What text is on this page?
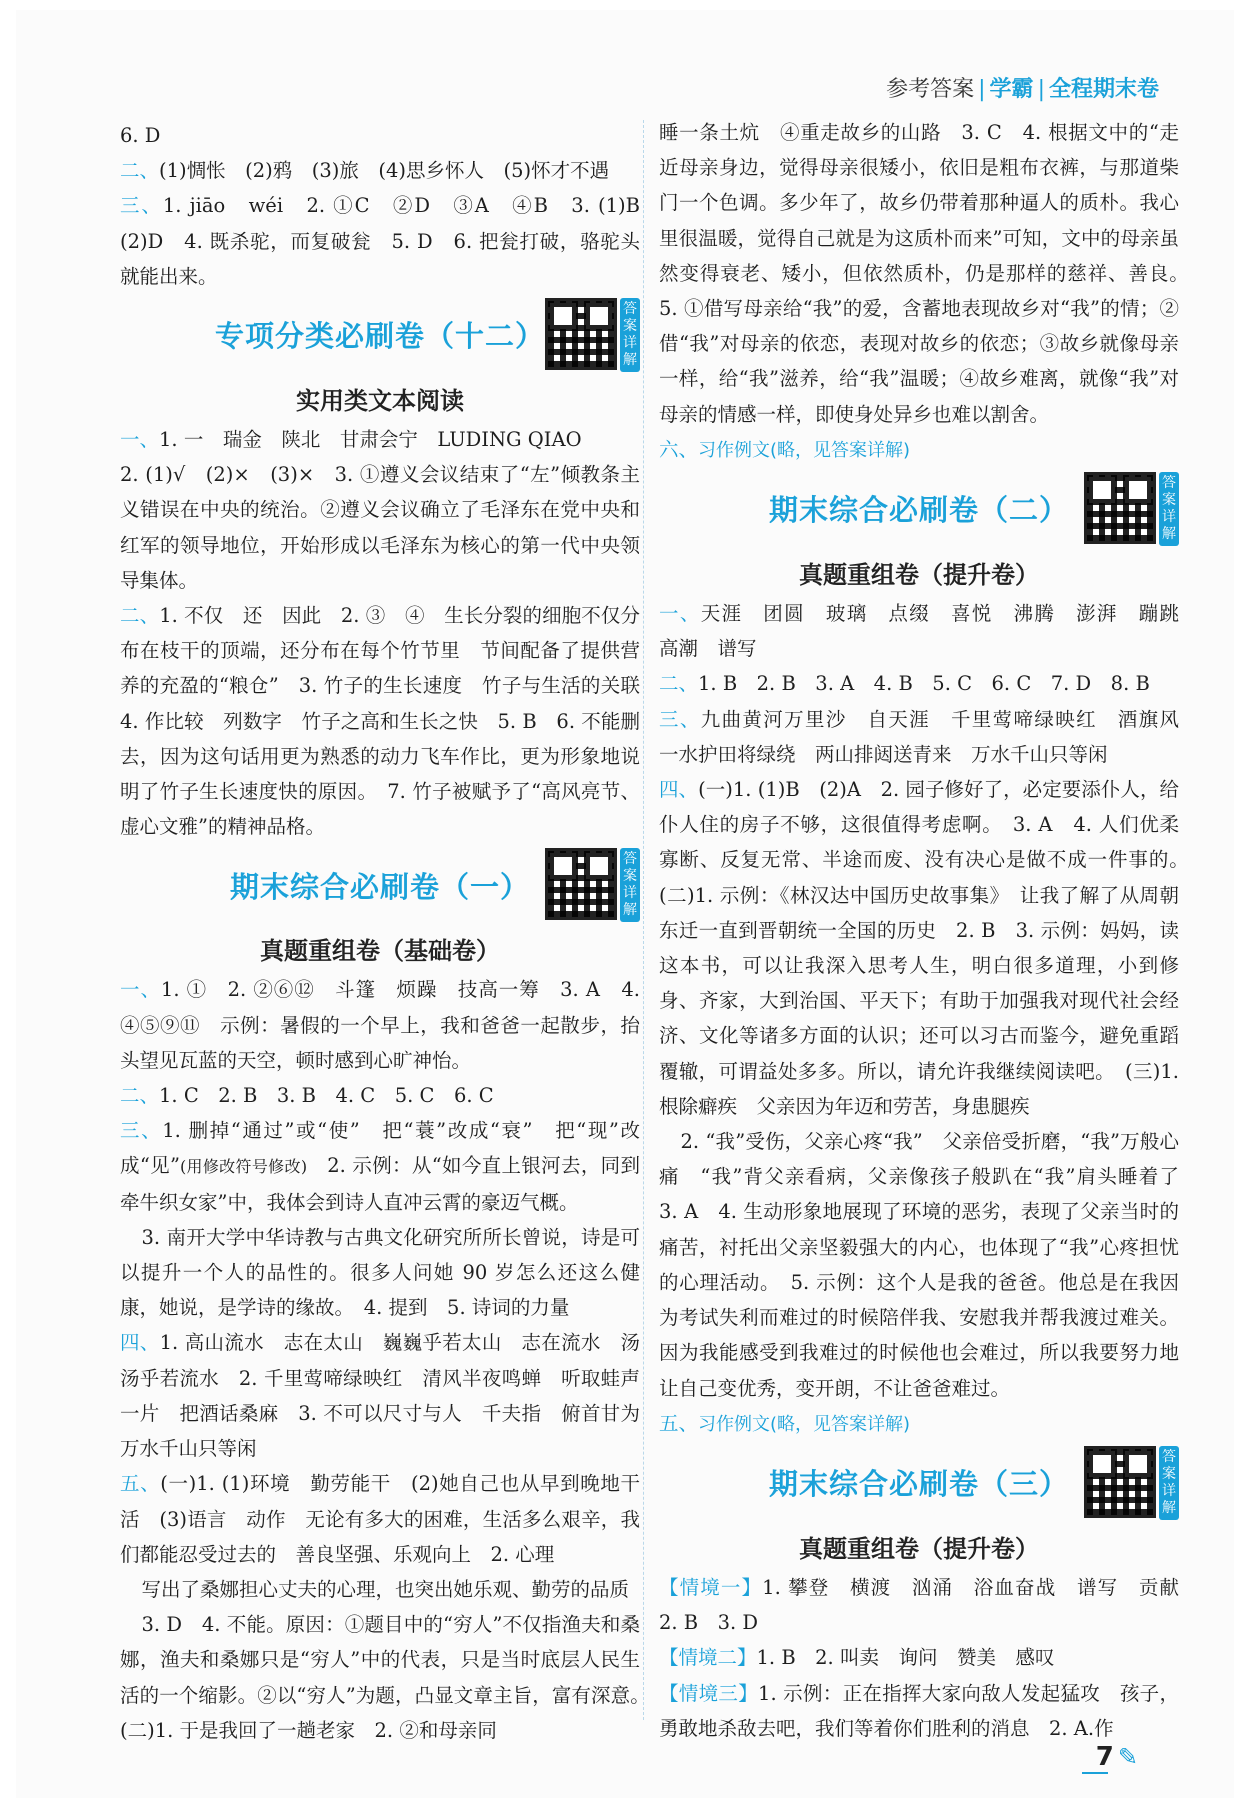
参考答案 | 学霸 | 全程期末卷

6. D

二、(1)惆怅　(2)鸦　(3)旅　(4)思乡怀人　(5)怀才不遇

三、1. jiāo　wéi　2. ①C　②D　③A　④B　3. (1)B　(2)D　4. 既杀驼，而复破瓮　5. D　6. 把瓮打破，骆驼头就能出来。

专项分类必刷卷（十二）
答案详解
实用类文本阅读

一、1. 一　瑞金　陕北　甘肃会宁　LUDING QIAO

2. (1)√　(2)×　(3)×　3. ①遵义会议结束了“左”倾教条主义错误在中央的统治。②遵义会议确立了毛泽东在党中央和红军的领导地位，开始形成以毛泽东为核心的第一代中央领导集体。

二、1. 不仅　还　因此　2. ③　④　生长分裂的细胞不仅分布在枝干的顶端，还分布在每个竹节里　节间配备了提供营养的充盈的“粮仓”　3. 竹子的生长速度　竹子与生活的关联　4. 作比较　列数字　竹子之高和生长之快　5. B　6. 不能删去，因为这句话用更为熟悉的动力飞车作比，更为形象地说明了竹子生长速度快的原因。　7. 竹子被赋予了“高风亮节、虚心文雅”的精神品格。

期末综合必刷卷（一）
答案详解
真题重组卷（基础卷）

一、1. ①　2. ②⑥⑫　斗篷　烦躁　技高一筹　3. A　4. ④⑤⑨⑪　示例：暑假的一个早上，我和爸爸一起散步，抬头望见瓦蓝的天空，顿时感到心旷神怡。

二、1. C　2. B　3. B　4. C　5. C　6. C

三、1. 删掉“通过”或“使”　把“蓑”改成“衰”　把“现”改成“见”(用修改符号修改)　2. 示例：从“如今直上银河去，同到牵牛织女家”中，我体会到诗人直冲云霄的豪迈气概。

3. 南开大学中华诗教与古典文化研究所所长曾说，诗是可以提升一个人的品性的。很多人问她 90 岁怎么还这么健康，她说，是学诗的缘故。　4. 提到　5. 诗词的力量

四、1. 高山流水　志在太山　巍巍乎若太山　志在流水　汤汤乎若流水　2. 千里莺啼绿映红　清风半夜鸣蝉　听取蛙声一片　把酒话桑麻　3. 不可以尺寸与人　千夫指　俯首甘为　万水千山只等闲

五、(一)1. (1)环境　勤劳能干　(2)她自己也从早到晚地干活　(3)语言　动作　无论有多大的困难，生活多么艰辛，我们都能忍受过去的　善良坚强、乐观向上　2. 心理

写出了桑娜担心丈夫的心理，也突出她乐观、勤劳的品质

3. D　4. 不能。原因：①题目中的“穷人”不仅指渔夫和桑娜，渔夫和桑娜只是“穷人”中的代表，只是当时底层人民生活的一个缩影。②以“穷人”为题，凸显文章主旨，富有深意。　(二)1. 于是我回了一趟老家　2. ②和母亲同

睡一条土炕　④重走故乡的山路　3. C　4. 根据文中的“走近母亲身边，觉得母亲很矮小，依旧是粗布衣裤，与那道柴门一个色调。多少年了，故乡仍带着那种逼人的质朴。我心里很温暖，觉得自己就是为这质朴而来”可知，文中的母亲虽然变得衰老、矮小，但依然质朴，仍是那样的慈祥、善良。　5. ①借写母亲给“我”的爱，含蓄地表现故乡对“我”的情；②借“我”对母亲的依恋，表现对故乡的依恋；③故乡就像母亲一样，给“我”滋养，给“我”温暖；④故乡难离，就像“我”对母亲的情感一样，即使身处异乡也难以割舍。

六、习作例文(略，见答案详解)

期末综合必刷卷（二）
答案详解
真题重组卷（提升卷）

一、天涯　团圆　玻璃　点缀　喜悦　沸腾　澎湃　蹦跳　高潮　谱写

二、1. B　2. B　3. A　4. B　5. C　6. C　7. D　8. B

三、九曲黄河万里沙　自天涯　千里莺啼绿映红　酒旗风　一水护田将绿绕　两山排闼送青来　万水千山只等闲

四、(一)1. (1)B　(2)A　2. 园子修好了，必定要添仆人，给仆人住的房子不够，这很值得考虑啊。　3. A　4. 人们优柔寡断、反复无常、半途而废、没有决心是做不成一件事的。　(二)1. 示例：《林汉达中国历史故事集》　让我了解了从周朝东迁一直到晋朝统一全国的历史　2. B　3. 示例：妈妈，读这本书，可以让我深入思考人生，明白很多道理，小到修身、齐家，大到治国、平天下；有助于加强我对现代社会经济、文化等诸多方面的认识；还可以习古而鉴今，避免重蹈覆辙，可谓益处多多。所以，请允许我继续阅读吧。　(三)1. 根除癖疾　父亲因为年迈和劳苦，身患腿疾

2. “我”受伤，父亲心疼“我”　父亲倍受折磨，“我”万般心痛　“我”背父亲看病，父亲像孩子般趴在“我”肩头睡着了　3. A　4. 生动形象地展现了环境的恶劣，表现了父亲当时的痛苦，衬托出父亲坚毅强大的内心，也体现了“我”心疼担忧的心理活动。　5. 示例：这个人是我的爸爸。他总是在我因为考试失利而难过的时候陪伴我、安慰我并帮我渡过难关。因为我能感受到我难过的时候他也会难过，所以我要努力地让自己变优秀，变开朗，不让爸爸难过。

五、习作例文(略，见答案详解)

期末综合必刷卷（三）
答案详解
真题重组卷（提升卷）

【情境一】1. 攀登　横渡　汹涌　浴血奋战　谱写　贡献　2. B　3. D

【情境二】1. B　2. 叫卖　询问　赞美　感叹

【情境三】1. 示例：正在指挥大家向敌人发起猛攻　孩子，勇敢地杀敌去吧，我们等着你们胜利的消息　2. A.作

7 ✎
